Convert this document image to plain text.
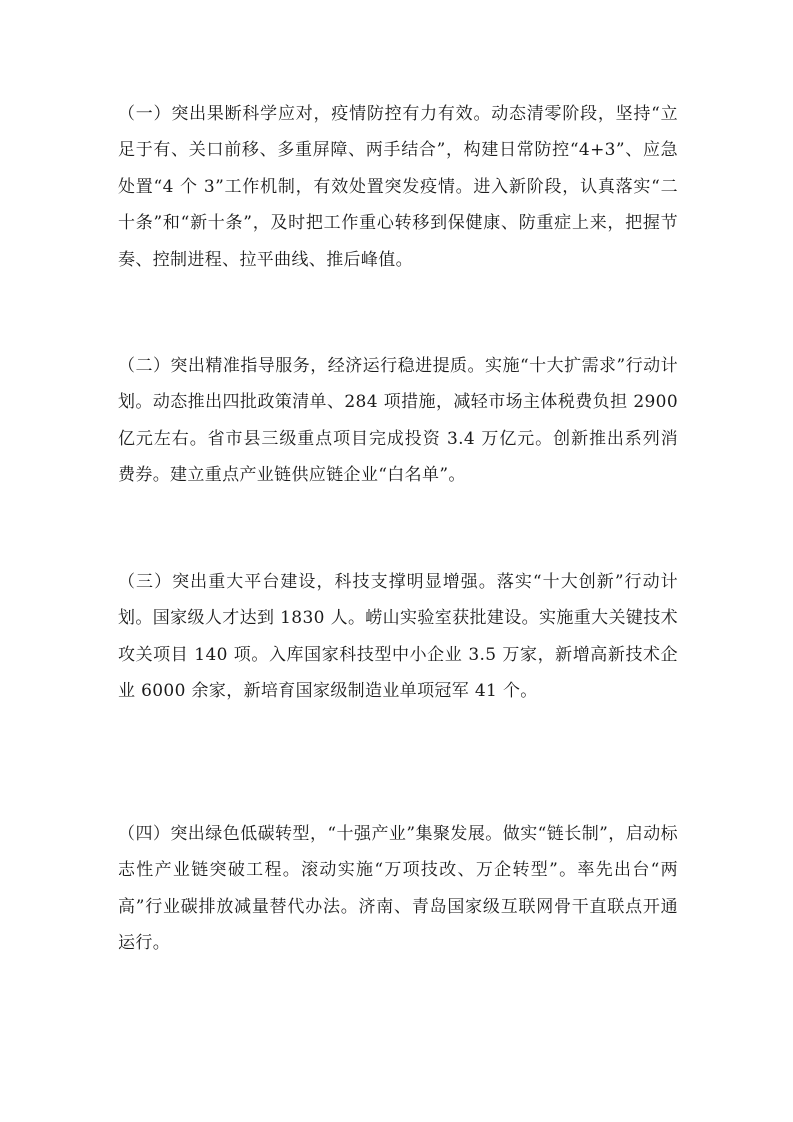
（一）突出果断科学应对，疫情防控有力有效。动态清零阶段，坚持“立足于有、关口前移、多重屏障、两手结合”，构建日常防控“4+3”、应急处置“4 个 3”工作机制，有效处置突发疫情。进入新阶段，认真落实“二十条”和“新十条”，及时把工作重心转移到保健康、防重症上来，把握节奏、控制进程、拉平曲线、推后峰值。

（二）突出精准指导服务，经济运行稳进提质。实施“十大扩需求”行动计划。动态推出四批政策清单、284 项措施，减轻市场主体税费负担 2900 亿元左右。省市县三级重点项目完成投资 3.4 万亿元。创新推出系列消费券。建立重点产业链供应链企业“白名单”。

（三）突出重大平台建设，科技支撑明显增强。落实“十大创新”行动计划。国家级人才达到 1830 人。崂山实验室获批建设。实施重大关键技术攻关项目 140 项。入库国家科技型中小企业 3.5 万家，新增高新技术企业 6000 余家，新培育国家级制造业单项冠军 41 个。

（四）突出绿色低碳转型，“十强产业”集聚发展。做实“链长制”，启动标志性产业链突破工程。滚动实施“万项技改、万企转型”。率先出台“两高”行业碳排放减量替代办法。济南、青岛国家级互联网骨干直联点开通运行。
